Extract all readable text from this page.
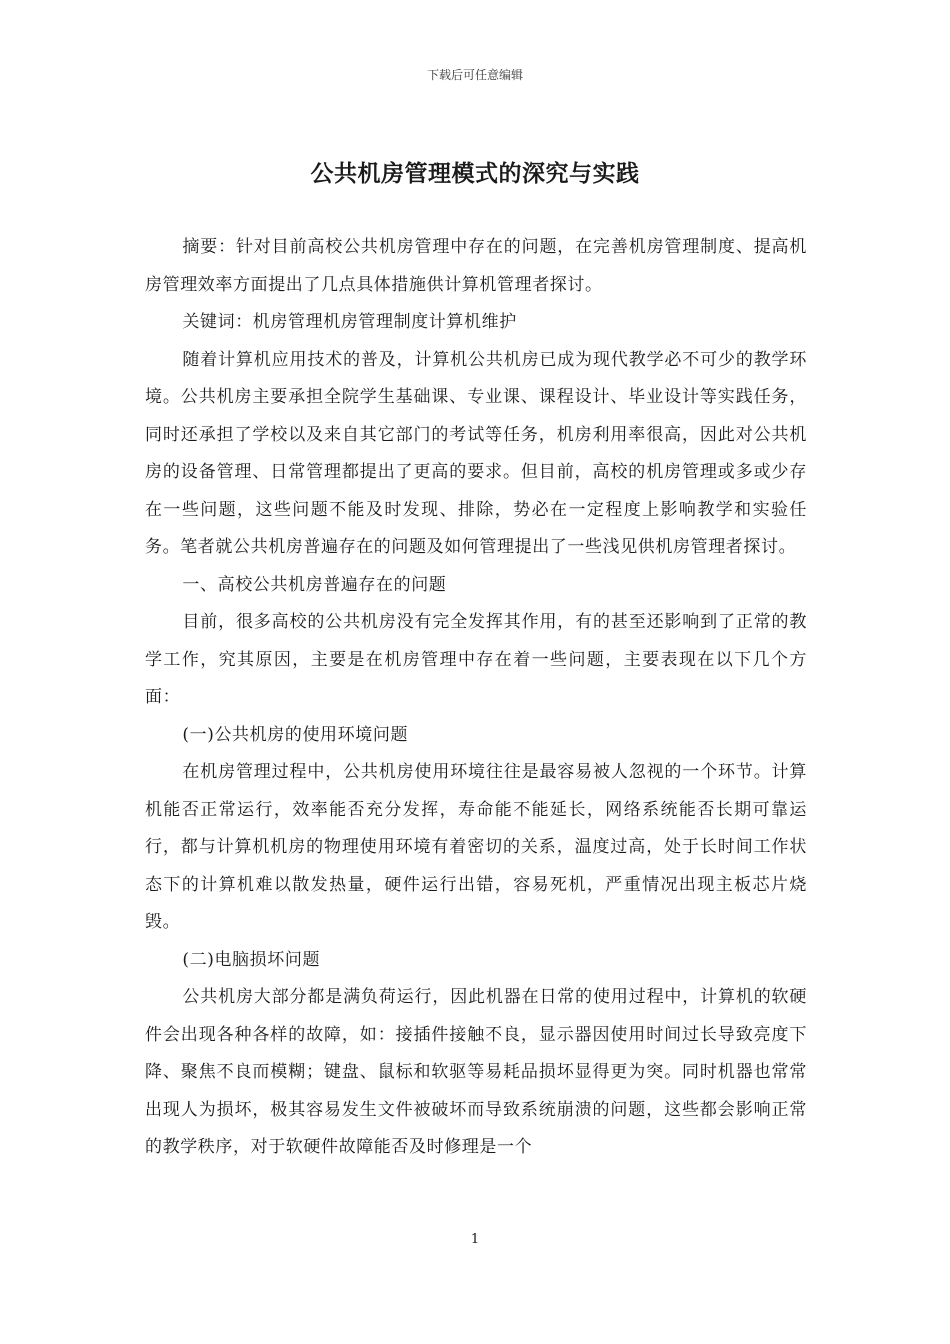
下载后可任意编辑
公共机房管理模式的深究与实践

摘要：针对目前高校公共机房管理中存在的问题，在完善机房管理制度、提高机房管理效率方面提出了几点具体措施供计算机管理者探讨。

关键词：机房管理机房管理制度计算机维护

随着计算机应用技术的普及，计算机公共机房已成为现代教学必不可少的教学环境。公共机房主要承担全院学生基础课、专业课、课程设计、毕业设计等实践任务，同时还承担了学校以及来自其它部门的考试等任务，机房利用率很高，因此对公共机房的设备管理、日常管理都提出了更高的要求。但目前，高校的机房管理或多或少存在一些问题，这些问题不能及时发现、排除，势必在一定程度上影响教学和实验任务。笔者就公共机房普遍存在的问题及如何管理提出了一些浅见供机房管理者探讨。

一、高校公共机房普遍存在的问题

目前，很多高校的公共机房没有完全发挥其作用，有的甚至还影响到了正常的教学工作，究其原因，主要是在机房管理中存在着一些问题，主要表现在以下几个方面：

(一)公共机房的使用环境问题

在机房管理过程中，公共机房使用环境往往是最容易被人忽视的一个环节。计算机能否正常运行，效率能否充分发挥，寿命能不能延长，网络系统能否长期可靠运行，都与计算机机房的物理使用环境有着密切的关系，温度过高，处于长时间工作状态下的计算机难以散发热量，硬件运行出错，容易死机，严重情况出现主板芯片烧毁。

(二)电脑损坏问题

公共机房大部分都是满负荷运行，因此机器在日常的使用过程中，计算机的软硬件会出现各种各样的故障，如：接插件接触不良，显示器因使用时间过长导致亮度下降、聚焦不良而模糊；键盘、鼠标和软驱等易耗品损坏显得更为突。同时机器也常常出现人为损坏，极其容易发生文件被破坏而导致系统崩溃的问题，这些都会影响正常的教学秩序，对于软硬件故障能否及时修理是一个

1
